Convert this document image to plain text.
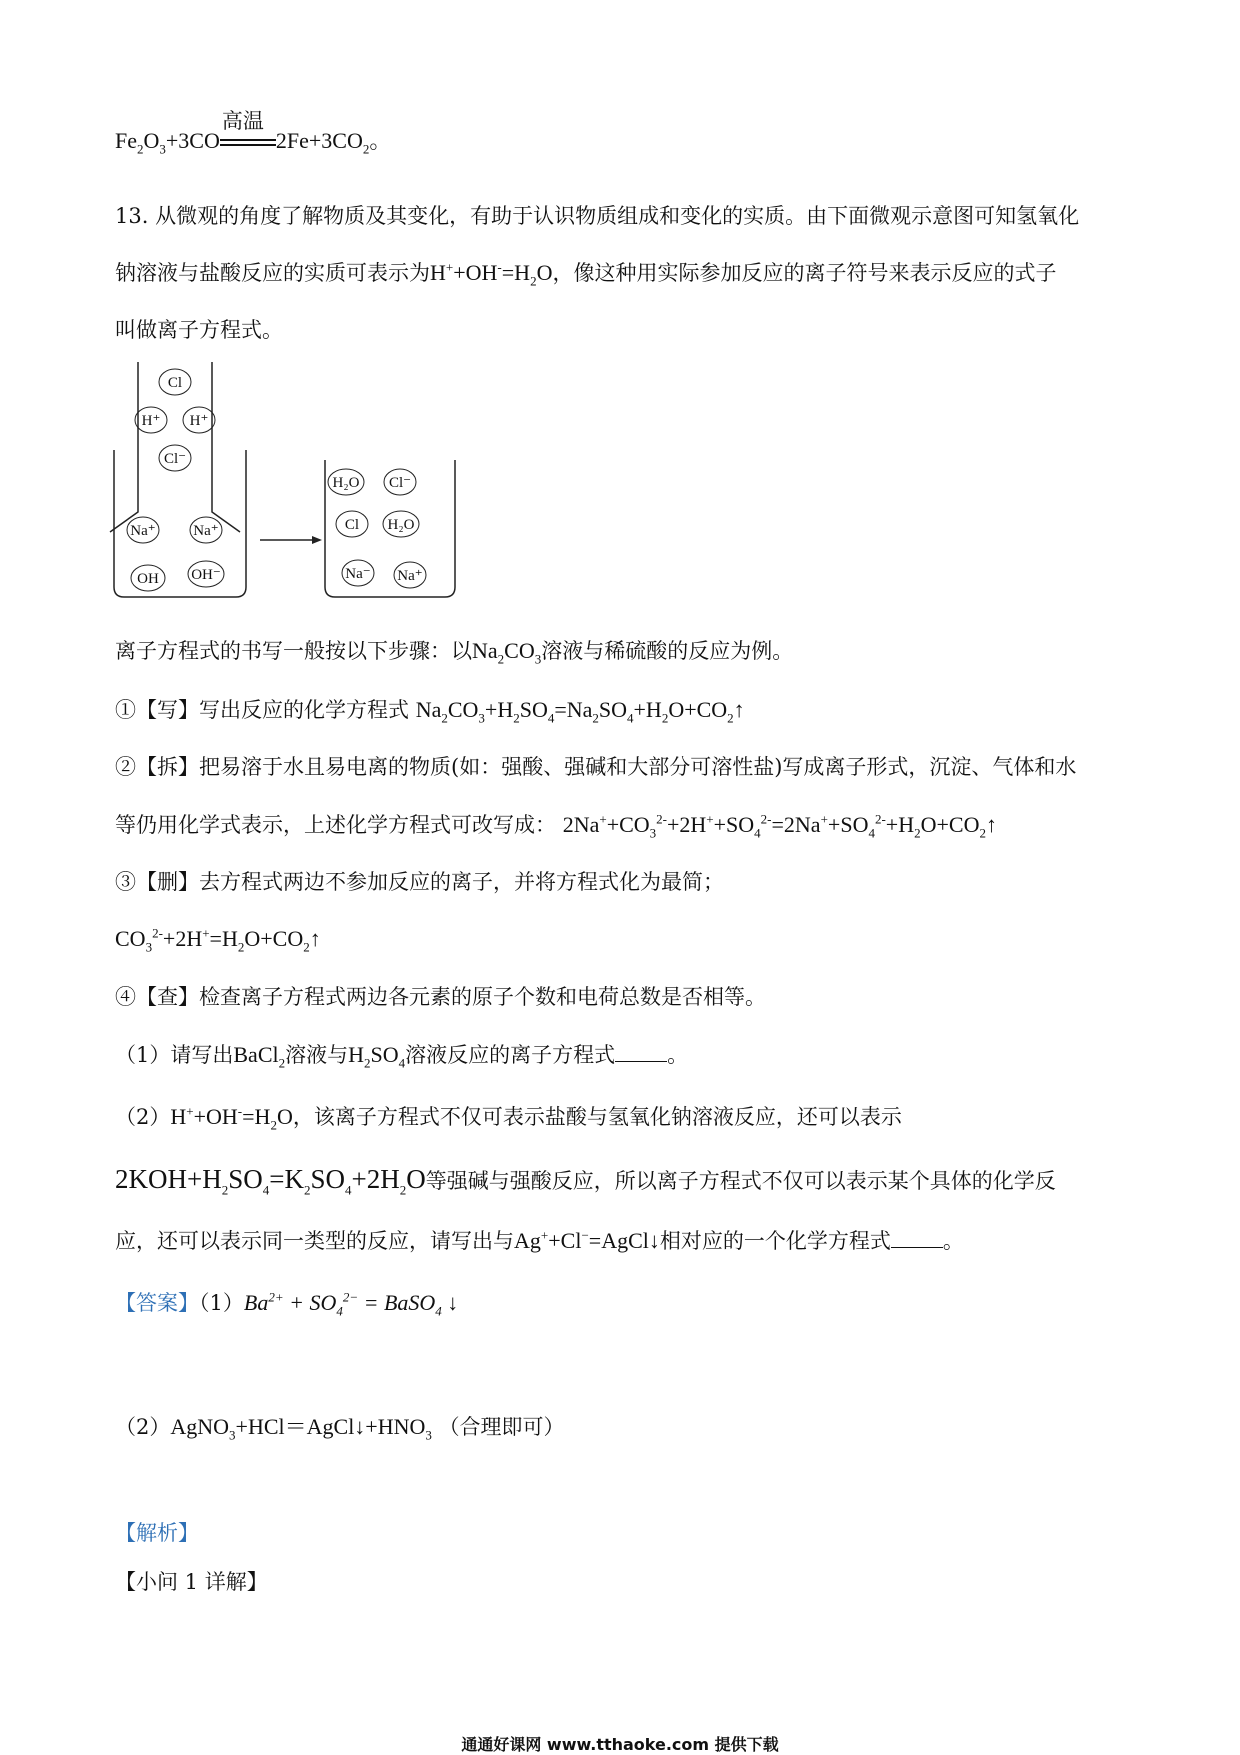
$Fe_2O_3+3CO$
高温
$2Fe+3CO_2$。
13. 从微观的角度了解物质及其变化，有助于认识物质组成和变化的实质。由下面微观示意图可知氢氧化
钠溶液与盐酸反应的实质可表示为$H^++OH^-=H_2O$，像这种用实际参加反应的离子符号来表示反应的式子
叫做离子方程式。
Cl
H⁺ H⁺
Cl⁻
Na⁺	Na⁺
OH OH⁻
H₂O Cl⁻
Cl H₂O
Na⁻ Na⁺
离子方程式的书写一般按以下步骤：以$Na_2CO_3$溶液与稀硫酸的反应为例。
①【写】写出反应的化学方程式 $Na_2CO_3+H_2SO_4=Na_2SO_4+H_2O+CO_2↑$
②【拆】把易溶于水且易电离的物质(如：强酸、强碱和大部分可溶性盐)写成离子形式，沉淀、气体和水
等仍用化学式表示，上述化学方程式可改写成： $2Na^++CO_3^{2-}+2H^++SO_4^{2-}=2Na^++SO_4^{2-}+H_2O+CO_2↑$
③【删】去方程式两边不参加反应的离子，并将方程式化为最简；
$CO_3^{2-}+2H^+=H_2O+CO_2↑$
④【查】检查离子方程式两边各元素的原子个数和电荷总数是否相等。
（1）请写出BaCl$_2$溶液与$H_2SO_4$溶液反应的离子方程式 。
$(2)H^++OH^-=H_2O$，该离子方程式不仅可表示盐酸与氢氧化钠溶液反应，还可以表示
$2KOH+H_2SO_4=K_2SO_4+2H_2O$等强碱与强酸反应，所以离子方程式不仅可以表示某个具体的化学反
应，还可以表示同一类型的反应，请写出与Ag++Cl−=AgCl↓相对应的一个化学方程式 。
【答案】$(1)Ba^{2+} + SO_4^{2-}$ = BaSO$_4$ ↓
$(2)AgNO_3+HCl=AgCl↓+HNO_3$ （合理即可）
【解析】
【小问 1 详解】
通通好课网 www.tthaoke.com 提供下载
